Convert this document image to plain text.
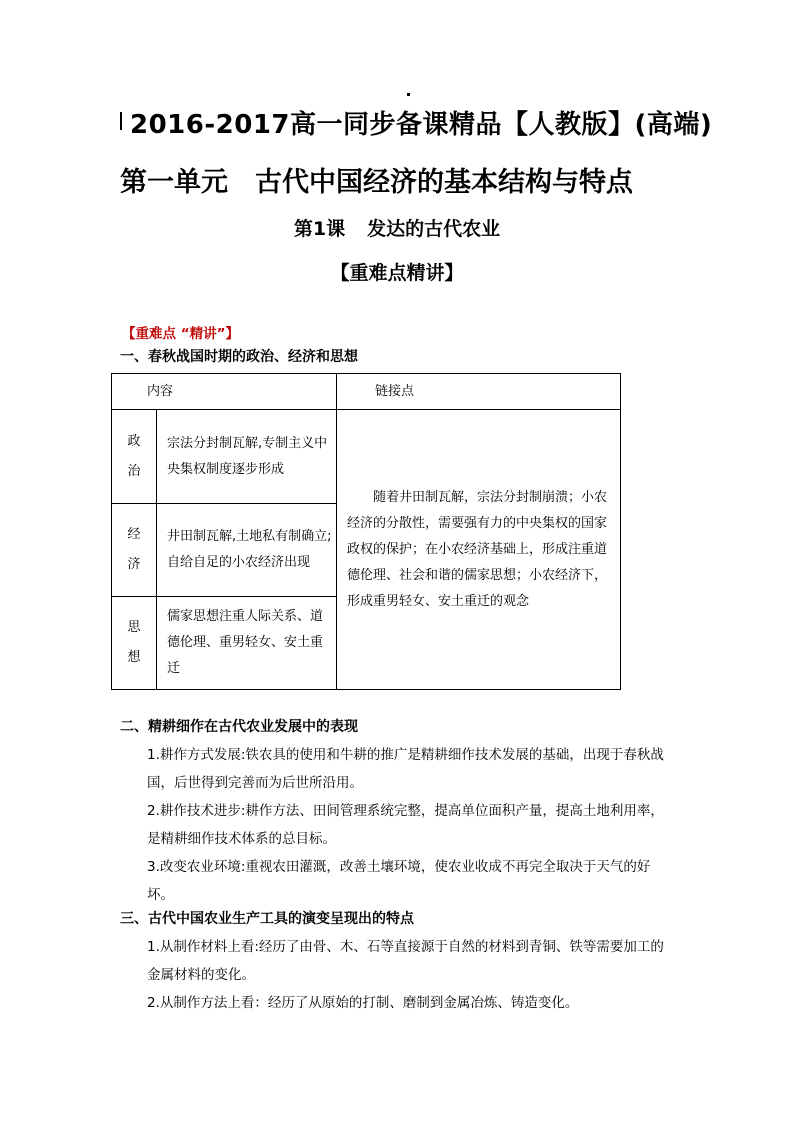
2016-2017高一同步备课精品【人教版】(高端)
第一单元　古代中国经济的基本结构与特点
第1课 发达的古代农业
【重难点精讲】
【重难点 “精讲”】
一、春秋战国时期的政治、经济和思想
内容		链接点

政
治	宗法分封制瓦解,专制主义中央集权制度逐步形成	随着井田制瓦解，宗法分封制崩溃；小农经济的分散性，需要强有力的中央集权的国家政权的保护；在小农经济基础上，形成注重道德伦理、社会和谐的儒家思想；小农经济下，形成重男轻女、安土重迁的观念

经
济	井田制瓦解,土地私有制确立;自给自足的小农经济出现	

思
想	儒家思想注重人际关系、道德伦理、重男轻女、安土重迁	
二、精耕细作在古代农业发展中的表现
1.耕作方式发展:铁农具的使用和牛耕的推广是精耕细作技术发展的基础，出现于春秋战国，后世得到完善而为后世所沿用。
2.耕作技术进步:耕作方法、田间管理系统完整，提高单位面积产量，提高土地利用率，是精耕细作技术体系的总目标。
3.改变农业环境:重视农田灌溉，改善土壤环境，使农业收成不再完全取决于天气的好坏。
三、古代中国农业生产工具的演变呈现出的特点
1.从制作材料上看:经历了由骨、木、石等直接源于自然的材料到青铜、铁等需要加工的金属材料的变化。
2.从制作方法上看：经历了从原始的打制、磨制到金属冶炼、铸造变化。
